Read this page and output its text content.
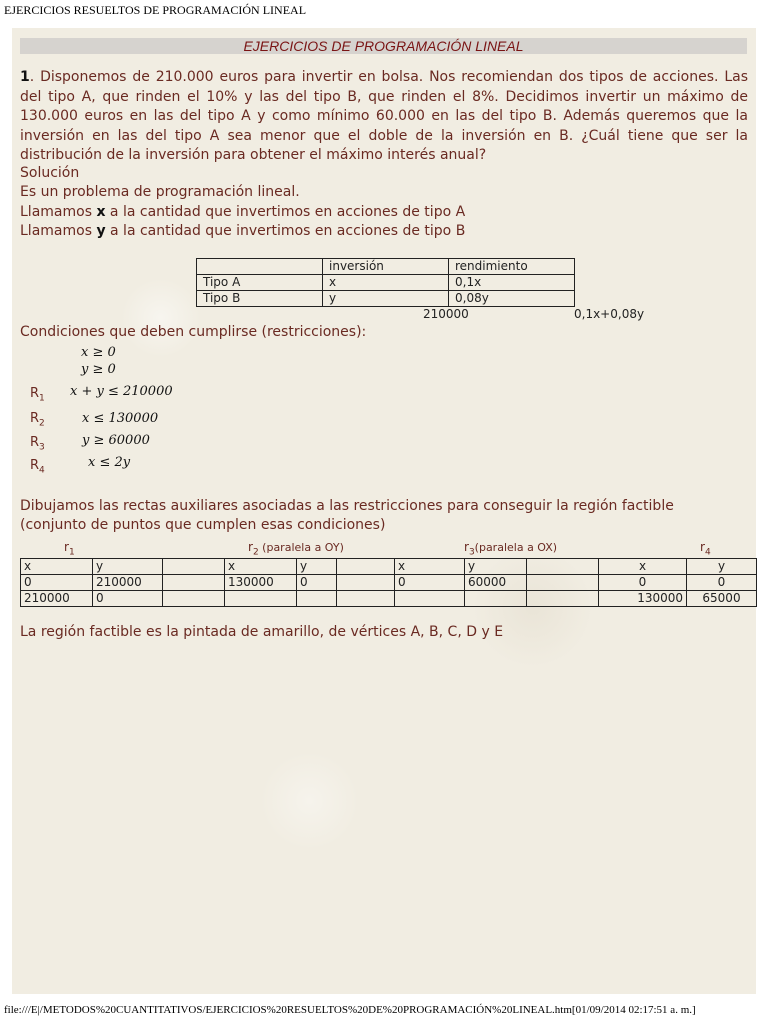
EJERCICIOS RESUELTOS DE PROGRAMACIÓN LINEAL
EJERCICIOS DE PROGRAMACIÓN LINEAL

1. Disponemos de 210.000 euros para invertir en bolsa. Nos recomiendan dos tipos de acciones. Las del tipo A, que rinden el 10% y las del tipo B, que rinden el 8%. Decidimos invertir un máximo de 130.000 euros en las del tipo A y como mínimo 60.000 en las del tipo B. Además queremos que la inversión en las del tipo A sea menor que el doble de la inversión en B. ¿Cuál tiene que ser la distribución de la inversión para obtener el máximo interés anual?

Solución

Es un problema de programación lineal.

Llamamos x a la cantidad que invertimos en acciones de tipo A

Llamamos y a la cantidad que invertimos en acciones de tipo B

	inversión	rendimiento
Tipo A	x	0,1x
Tipo B	y	0,08y
210000	0,1x+0,08y

Condiciones que deben cumplirse (restricciones):

x ≥ 0
y ≥ 0
$R_1$ x + y ≤ 210000
$R_2$	x ≤ 130000
$R_3$	y ≥ 60000
$R_4$
x ≤ 2y

Dibujamos las rectas auxiliares asociadas a las restricciones para conseguir la región factible

(conjunto de puntos que cumplen esas condiciones)

$r_1$	$r_2$ (paralela a OY)	$r_3(paralela$ a OX)	$r_4$
x	y		x	y		x	y		x	y
0	210000		130000	0		0	60000		0	0
210000	0								130000	65000

La región factible es la pintada de amarillo, de vértices A, B, C, D y E

file:///E|/METODOS%20CUANTITATIVOS/EJERCICIOS%20RESUELTOS%20DE%20PROGRAMACIÓN%20LINEAL.htm[01/09/2014 02:17:51 a. m.]
